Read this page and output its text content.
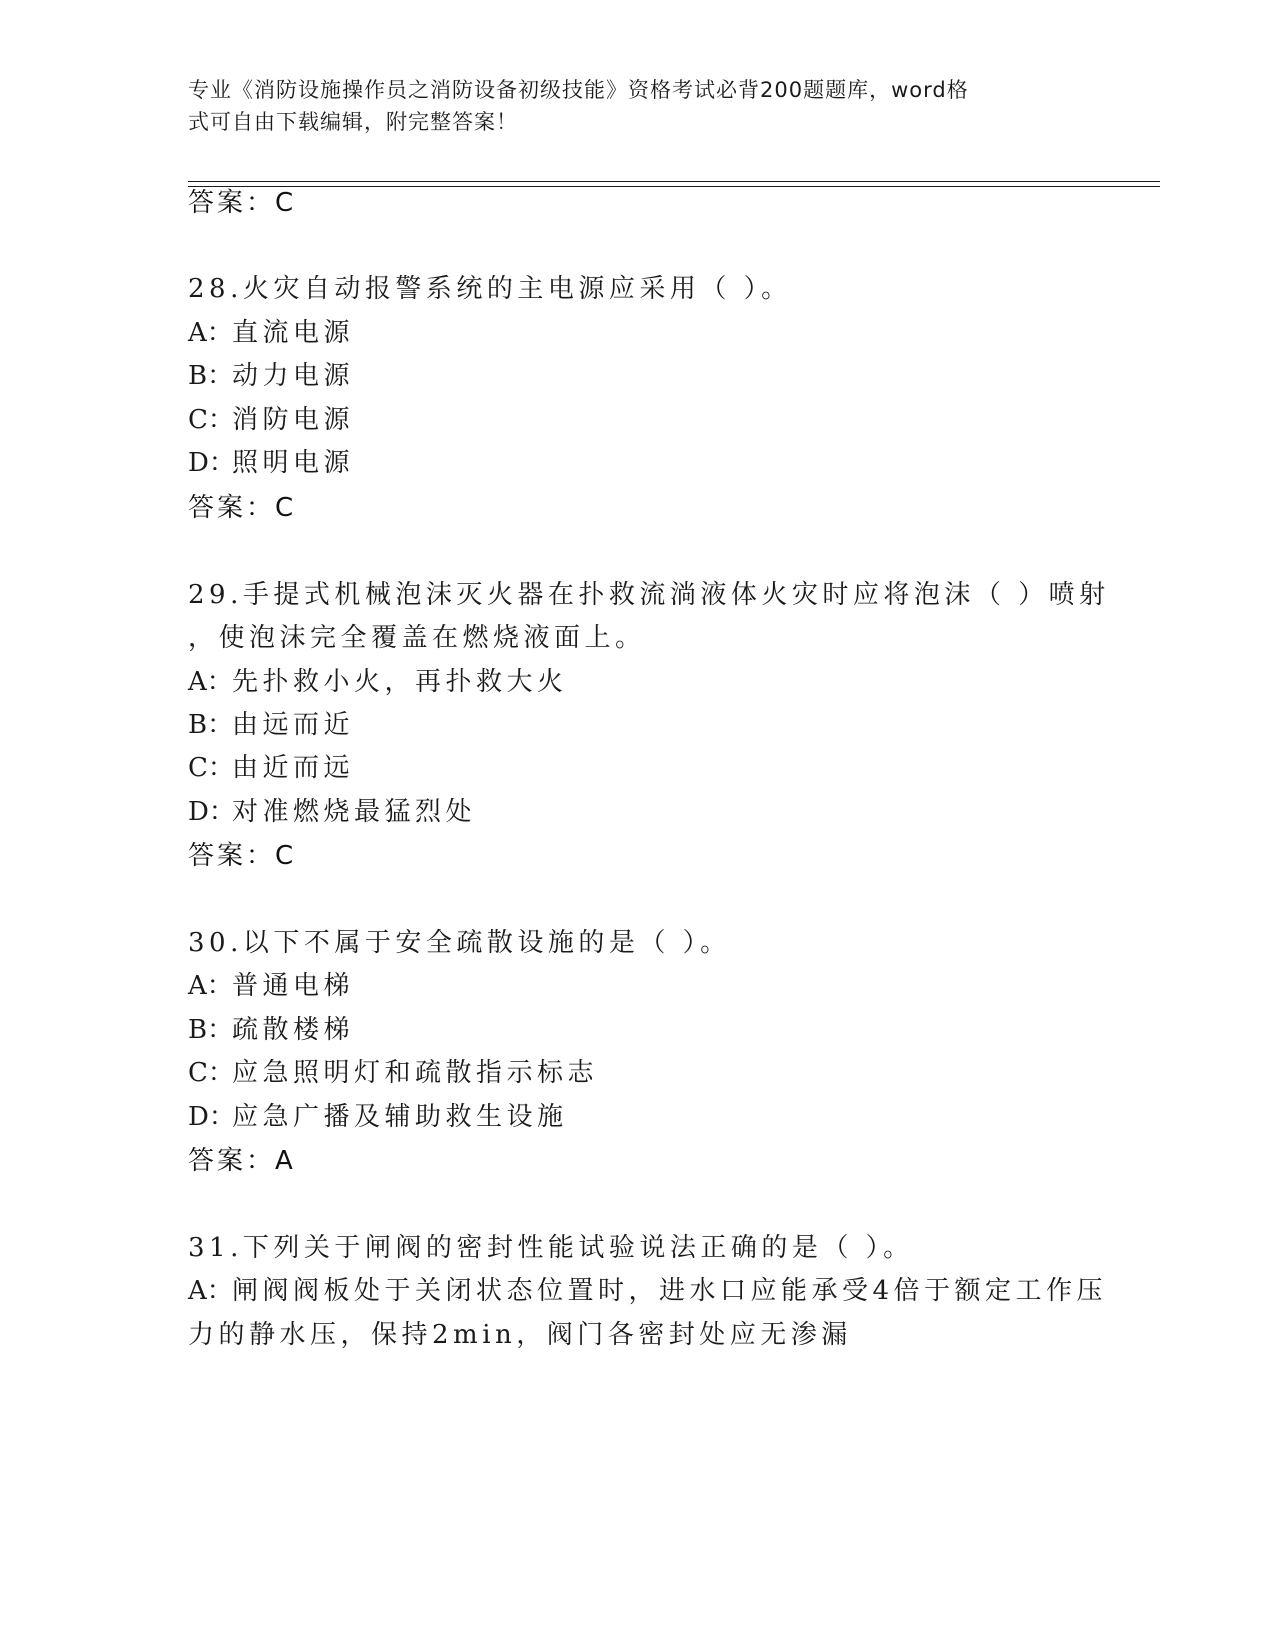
专业《消防设施操作员之消防设备初级技能》资格考试必背200题题库，word格
式可自由下载编辑，附完整答案！
答案：C
28.火灾自动报警系统的主电源应采用（ ）。
A：直流电源
B：动力电源
C：消防电源
D：照明电源
答案：C
29.手提式机械泡沫灭火器在扑救流淌液体火灾时应将泡沫（ ）喷射
，使泡沫完全覆盖在燃烧液面上。
A：先扑救小火，再扑救大火
B：由远而近
C：由近而远
D：对准燃烧最猛烈处
答案：C
30.以下不属于安全疏散设施的是（ ）。
A：普通电梯
B：疏散楼梯
C：应急照明灯和疏散指示标志
D：应急广播及辅助救生设施
答案：A
31.下列关于闸阀的密封性能试验说法正确的是（ ）。
A：闸阀阀板处于关闭状态位置时，进水口应能承受4倍于额定工作压
力的静水压，保持2min，阀门各密封处应无渗漏
